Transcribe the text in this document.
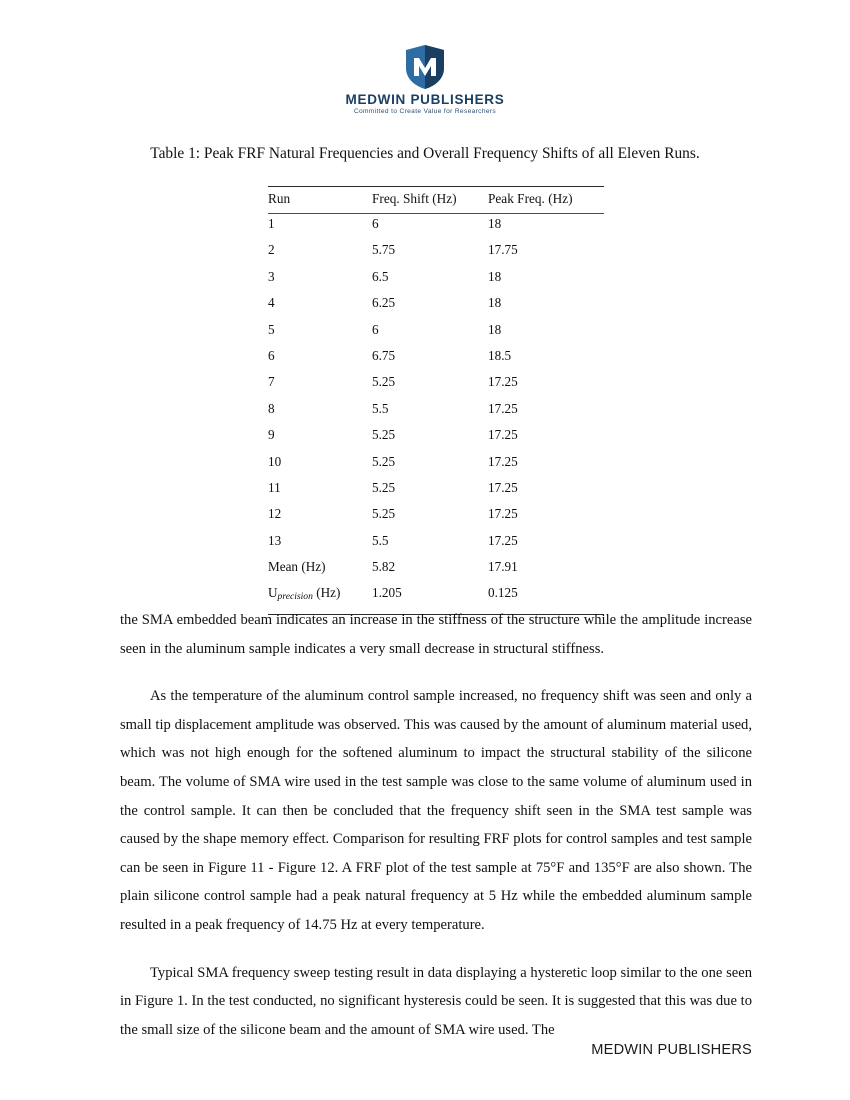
MEDWIN PUBLISHERS
Committed to Create Value for Researchers
Table 1: Peak FRF Natural Frequencies and Overall Frequency Shifts of all Eleven Runs.
Run	Freq. Shift (Hz)	Peak Freq. (Hz)
1	6	18
2	5.75	17.75
3	6.5	18
4	6.25	18
5	6	18
6	6.75	18.5
7	5.25	17.25
8	5.5	17.25
9	5.25	17.25
10	5.25	17.25
11	5.25	17.25
12	5.25	17.25
13	5.5	17.25
Mean (Hz)	5.82	17.91
Uprecision (Hz)	1.205	0.125

the SMA embedded beam indicates an increase in the stiffness of the structure while the amplitude increase seen in the aluminum sample indicates a very small decrease in structural stiffness.

As the temperature of the aluminum control sample increased, no frequency shift was seen and only a small tip displacement amplitude was observed. This was caused by the amount of aluminum material used, which was not high enough for the softened aluminum to impact the structural stability of the silicone beam. The volume of SMA wire used in the test sample was close to the same volume of aluminum used in the control sample. It can then be concluded that the frequency shift seen in the SMA test sample was caused by the shape memory effect. Comparison for resulting FRF plots for control samples and test sample can be seen in Figure 11 - Figure 12. A FRF plot of the test sample at 75°F and 135°F are also shown. The plain silicone control sample had a peak natural frequency at 5 Hz while the embedded aluminum sample resulted in a peak frequency of 14.75 Hz at every temperature.

Typical SMA frequency sweep testing result in data displaying a hysteretic loop similar to the one seen in Figure 1. In the test conducted, no significant hysteresis could be seen. It is suggested that this was due to the small size of the silicone beam and the amount of SMA wire used. The

MEDWIN PUBLISHERS
